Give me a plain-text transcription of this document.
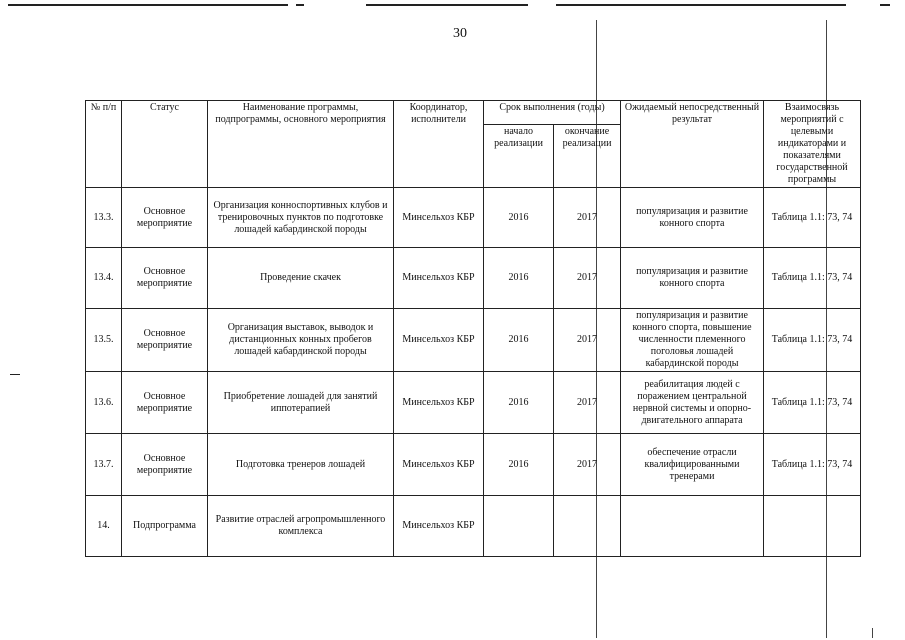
30
№ п/п	Статус	Наименование программы, подпрограммы, основного мероприятия	Координатор, исполнители	Срок выполнения (годы)		Ожидаемый непосредственный результат	Взаимосвязь мероприятий с целевыми индикаторами и показателями государственной программы
				начало реализации	окончание реализации		
13.3.	Основное мероприятие	Организация конноспортивных клубов и тренировочных пунктов по подготовке лошадей кабардинской породы	Минсельхоз КБР	2016	2017	популяризация и развитие конного спорта	Таблица 1.1: 73, 74
13.4.	Основное мероприятие	Проведение скачек	Минсельхоз КБР	2016	2017	популяризация и развитие конного спорта	Таблица 1.1: 73, 74
13.5.	Основное мероприятие	Организация выставок, выводок и дистанционных конных пробегов лошадей кабардинской породы	Минсельхоз КБР	2016	2017	популяризация и развитие конного спорта, повышение численности племенного поголовья лошадей кабардинской породы	Таблица 1.1: 73, 74
13.6.	Основное мероприятие	Приобретение лошадей для занятий иппотерапией	Минсельхоз КБР	2016	2017	реабилитация людей с поражением центральной нервной системы и опорно-двигательного аппарата	Таблица 1.1: 73, 74
13.7.	Основное мероприятие	Подготовка тренеров лошадей	Минсельхоз КБР	2016	2017	обеспечение отрасли квалифицированными тренерами	Таблица 1.1: 73, 74
14.	Подпрограмма	Развитие отраслей агропромышленного комплекса	Минсельхоз КБР				
